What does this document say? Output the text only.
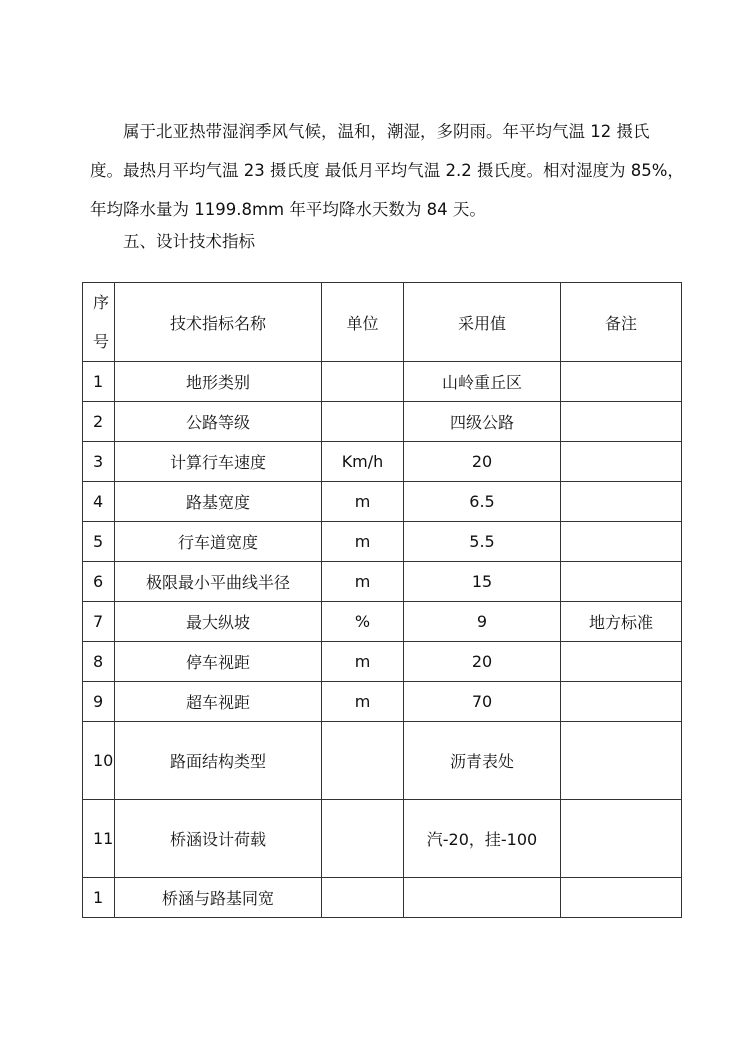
属于北亚热带湿润季风气候，温和，潮湿，多阴雨。年平均气温 12 摄氏
度。最热月平均气温 23 摄氏度 最低月平均气温 2.2 摄氏度。相对湿度为 85%，
年均降水量为 1199.8mm 年平均降水天数为 84 天。
五、设计技术指标
序号	技术指标名称	单位	采用值	备注
1	地形类别		山岭重丘区	
2	公路等级		四级公路	
3	计算行车速度	Km/h	20	
4	路基宽度	m	6.5	
5	行车道宽度	m	5.5	
6	极限最小平曲线半径	m	15	
7	最大纵坡	%	9	地方标准
8	停车视距	m	20	
9	超车视距	m	70	
10	路面结构类型		沥青表处	
11	桥涵设计荷载		汽-20，挂-100	
1	桥涵与路基同宽			
